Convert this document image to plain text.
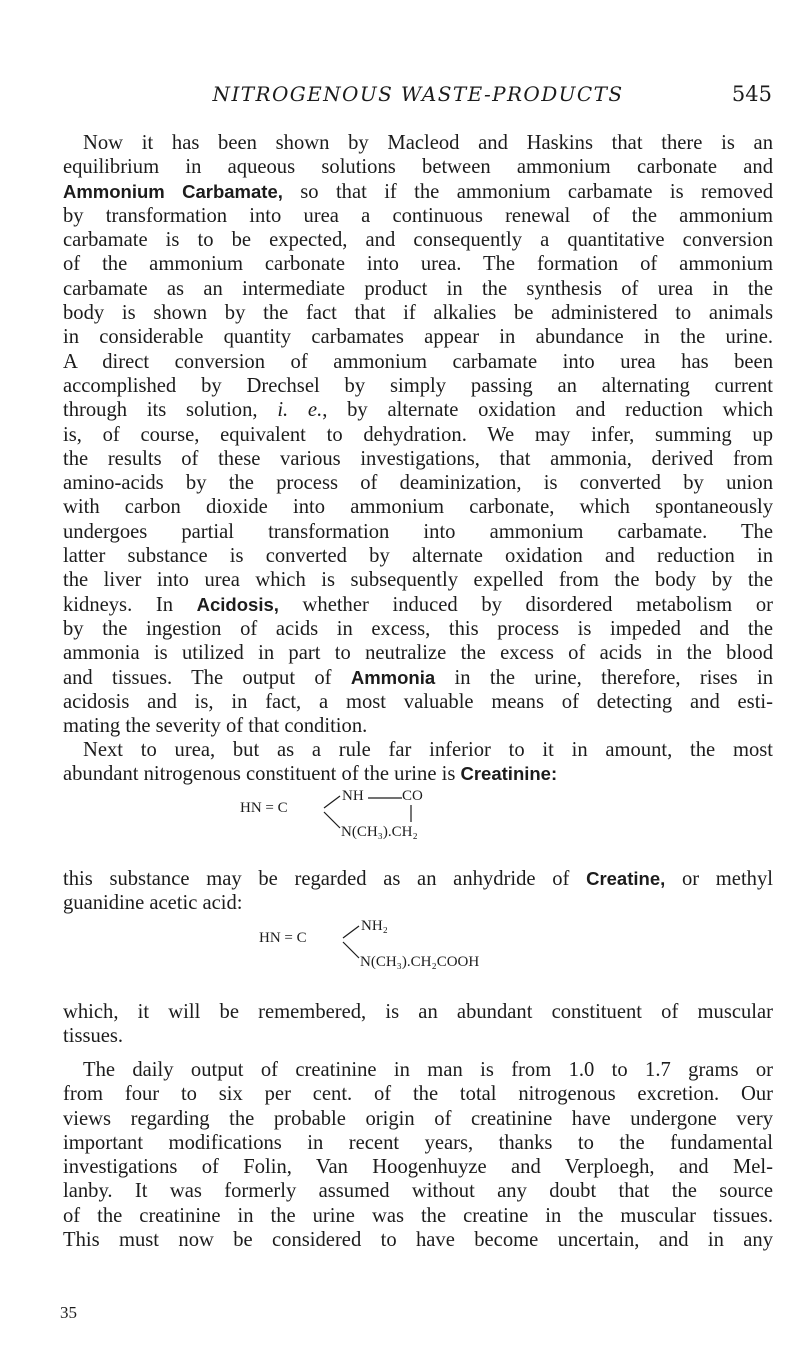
NITROGENOUS WASTE-PRODUCTS	545
Now it has been shown by Macleod and Haskins that there is an
equilibrium in aqueous solutions between ammonium carbonate and
Ammonium Carbamate, so that if the ammonium carbamate is removed
by transformation into urea a continuous renewal of the ammonium
carbamate is to be expected, and consequently a quantitative conversion
of the ammonium carbonate into urea. The formation of ammonium
carbamate as an intermediate product in the synthesis of urea in the
body is shown by the fact that if alkalies be administered to animals
in considerable quantity carbamates appear in abundance in the urine.
A direct conversion of ammonium carbamate into urea has been
accomplished by Drechsel by simply passing an alternating current
through its solution, i. e., by alternate oxidation and reduction which
is, of course, equivalent to dehydration. We may infer, summing up
the results of these various investigations, that ammonia, derived from
amino-acids by the process of deaminization, is converted by union
with carbon dioxide into ammonium carbonate, which spontaneously
undergoes partial transformation into ammonium carbamate. The
latter substance is converted by alternate oxidation and reduction in
the liver into urea which is subsequently expelled from the body by the
kidneys. In Acidosis, whether induced by disordered metabolism or
by the ingestion of acids in excess, this process is impeded and the
ammonia is utilized in part to neutralize the excess of acids in the blood
and tissues. The output of Ammonia in the urine, therefore, rises in
acidosis and is, in fact, a most valuable means of detecting and esti-
mating the severity of that condition.
Next to urea, but as a rule far inferior to it in amount, the most
abundant nitrogenous constituent of the urine is Creatinine:
HN = C
NH	CO
N(CH₃).CH₂
this substance may be regarded as an anhydride of Creatine, or methyl
guanidine acetic acid:
HN = C
NH₂
N(CH₃).CH₂COOH
which, it will be remembered, is an abundant constituent of muscular
tissues.
The daily output of creatinine in man is from 1.0 to 1.7 grams or
from four to six per cent. of the total nitrogenous excretion. Our
views regarding the probable origin of creatinine have undergone very
important modifications in recent years, thanks to the fundamental
investigations of Folin, Van Hoogenhuyze and Verploegh, and Mel-
lanby. It was formerly assumed without any doubt that the source
of the creatinine in the urine was the creatine in the muscular tissues.
This must now be considered to have become uncertain, and in any
35
